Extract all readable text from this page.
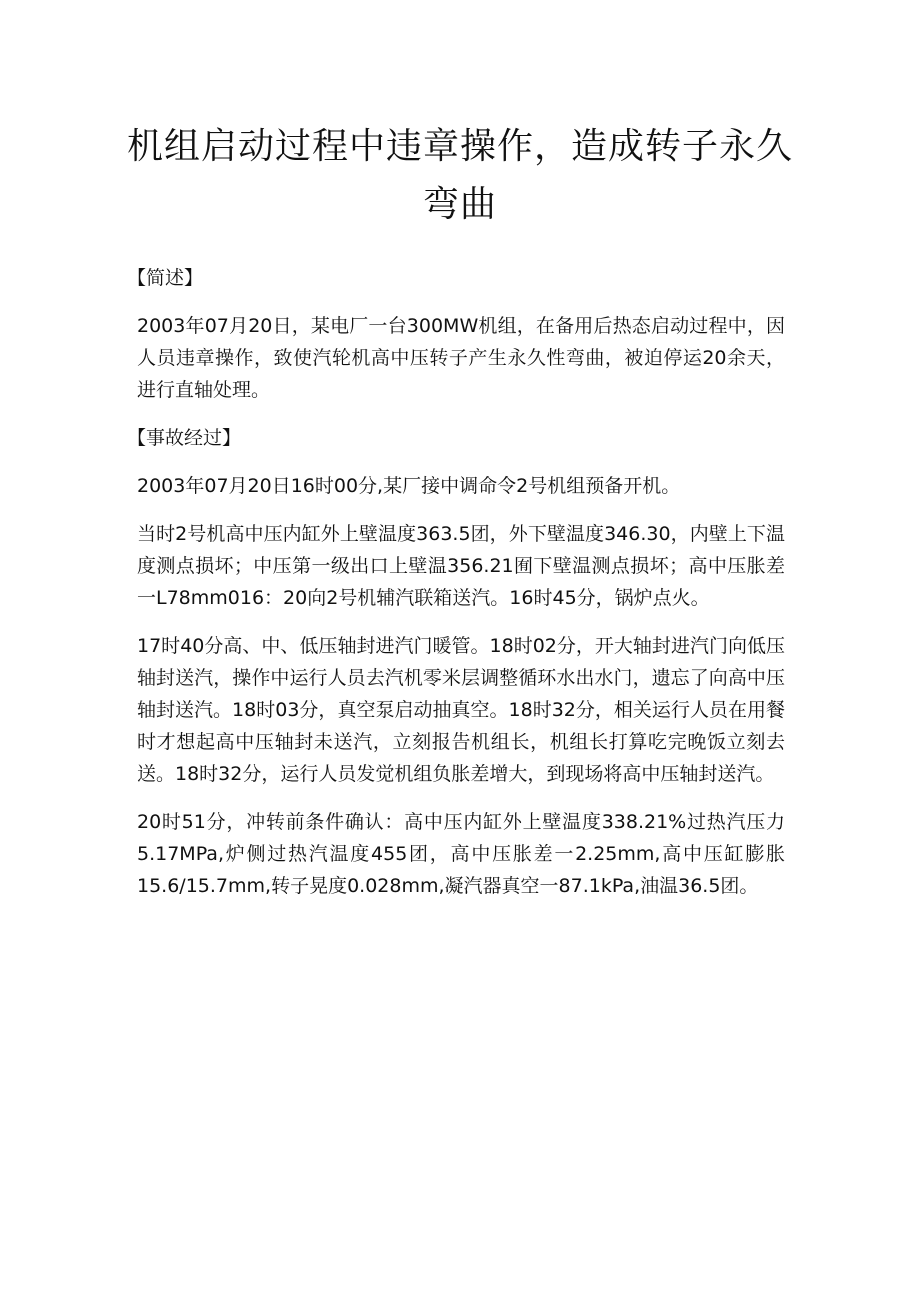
机组启动过程中违章操作，造成转子永久弯曲
【简述】

2003年07月20日，某电厂一台300MW机组，在备用后热态启动过程中，因人员违章操作，致使汽轮机高中压转子产生永久性弯曲，被迫停运20余天，进行直轴处理。

【事故经过】

2003年07月20日16时00分,某厂接中调命令2号机组预备开机。

当时2号机高中压内缸外上壁温度363.5团，外下壁温度346.30，内壁上下温度测点损坏；中压第一级出口上壁温356.21囿下壁温测点损坏；高中压胀差一L78mm016：20向2号机辅汽联箱送汽。16时45分，锅炉点火。

17时40分高、中、低压轴封进汽门暖管。18时02分，开大轴封进汽门向低压轴封送汽，操作中运行人员去汽机零米层调整循环水出水门，遗忘了向高中压轴封送汽。18时03分，真空泵启动抽真空。18时32分，相关运行人员在用餐时才想起高中压轴封未送汽，立刻报告机组长，机组长打算吃完晚饭立刻去送。18时32分，运行人员发觉机组负胀差增大，到现场将高中压轴封送汽。

20时51分，冲转前条件确认：高中压内缸外上壁温度338.21%过热汽压力5.17MPa,炉侧过热汽温度455团，高中压胀差一2.25mm,高中压缸膨胀15.6/15.7mm,转子晃度0.028mm,凝汽器真空一87.1kPa,油温36.5团。
